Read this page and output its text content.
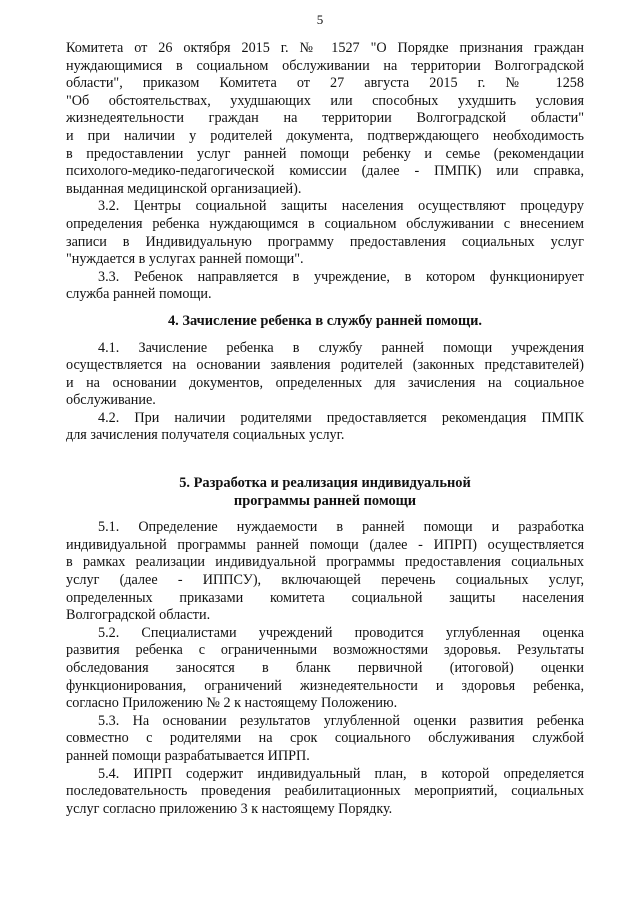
5
Комитета от 26 октября 2015 г. № 1527 "О Порядке признания граждан
нуждающимися в социальном обслуживании на территории Волгоградской
области", приказом Комитета от 27 августа 2015 г. № 1258
"Об обстоятельствах, ухудшающих или способных ухудшить условия
жизнедеятельности граждан на территории Волгоградской области"
и при наличии у родителей документа, подтверждающего необходимость
в предоставлении услуг ранней помощи ребенку и семье (рекомендации
психолого-медико-педагогической комиссии (далее - ПМПК) или справка,
выданная медицинской организацией).
3.2. Центры социальной защиты населения осуществляют процедуру
определения ребенка нуждающимся в социальном обслуживании с внесением
записи в Индивидуальную программу предоставления социальных услуг
"нуждается в услугах ранней помощи".
3.3. Ребенок направляется в учреждение, в котором функционирует
служба ранней помощи.
4. Зачисление ребенка в службу ранней помощи.
4.1. Зачисление ребенка в службу ранней помощи учреждения
осуществляется на основании заявления родителей (законных представителей)
и на основании документов, определенных для зачисления на социальное
обслуживание.
4.2. При наличии родителями предоставляется рекомендация ПМПК
для зачисления получателя социальных услуг.
5. Разработка и реализация индивидуальной
программы ранней помощи
5.1. Определение нуждаемости в ранней помощи и разработка
индивидуальной программы ранней помощи (далее - ИПРП) осуществляется
в рамках реализации индивидуальной программы предоставления социальных
услуг (далее - ИППСУ), включающей перечень социальных услуг,
определенных приказами комитета социальной защиты населения
Волгоградской области.
5.2. Специалистами учреждений проводится углубленная оценка
развития ребенка с ограниченными возможностями здоровья. Результаты
обследования заносятся в бланк первичной (итоговой) оценки
функционирования, ограничений жизнедеятельности и здоровья ребенка,
согласно Приложению № 2 к настоящему Положению.
5.3. На основании результатов углубленной оценки развития ребенка
совместно с родителями на срок социального обслуживания службой
ранней помощи разрабатывается ИПРП.
5.4. ИПРП содержит индивидуальный план, в которой определяется
последовательность проведения реабилитационных мероприятий, социальных
услуг согласно приложению 3 к настоящему Порядку.
